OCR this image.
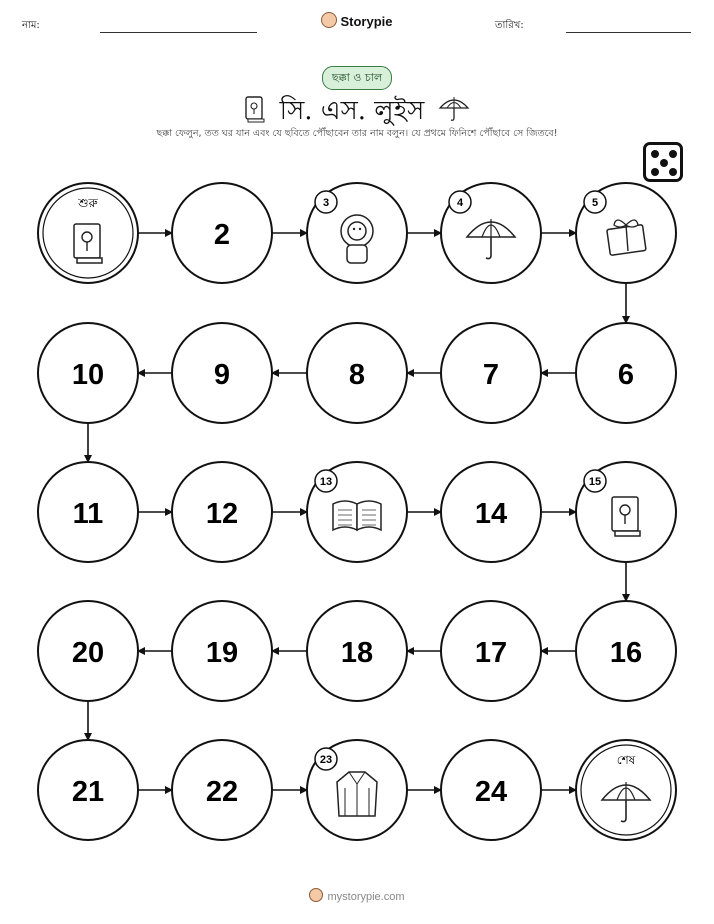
নাম:	Storypie	তারিখ:
ছক্কা ও চাল
সি. এস. লুইস
ছক্কা ফেলুন, তত ঘর যান এবং যে ছবিতে পৌঁছাবেন তার নাম বলুন। যে প্রথমে ফিনিশে পৌঁছাবে সে জিতবে!
শুরু
2
3	4	5
6
7
8
9
10
11	12
13
14
15
16
17
18
19
20
21	22
23
24
শেষ
mystorypie.com
